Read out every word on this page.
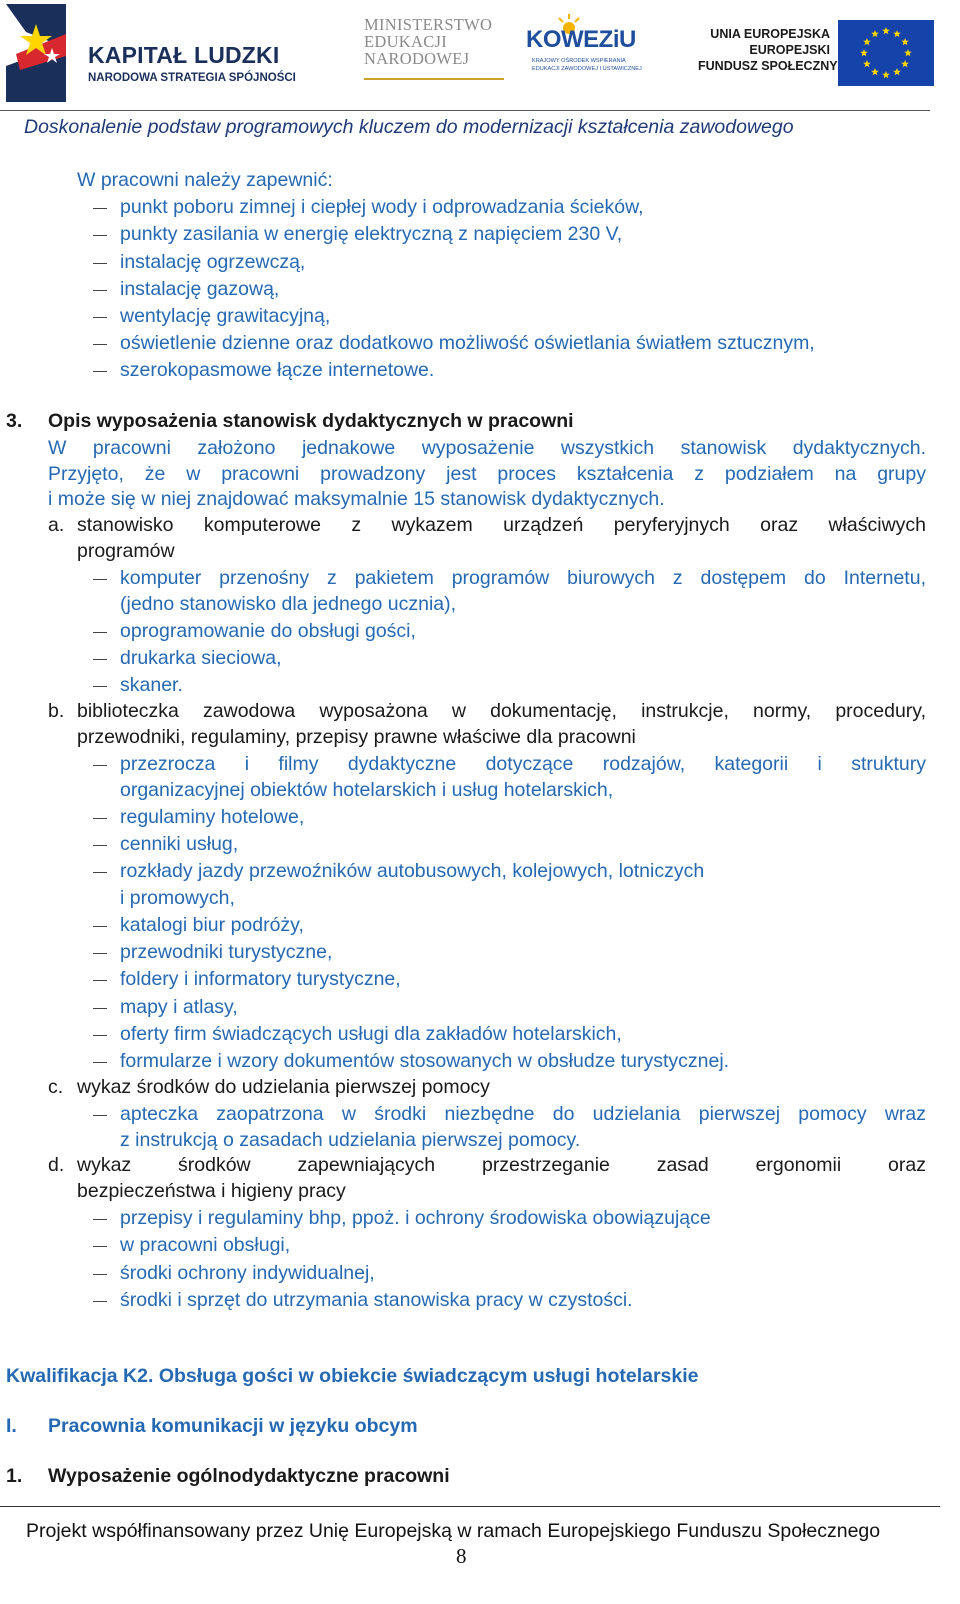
KAPITAŁ LUDZKI
NARODOWA STRATEGIA SPÓJNOŚCI
MINISTERSTWO
EDUKACJI
NARODOWEJ
KOWEZiU
KRAJOWY OŚRODEK WSPIERANIA
EDUKACJI ZAWODOWEJ I USTAWICZNEJ
UNIA EUROPEJSKA
EUROPEJSKI
FUNDUSZ SPOŁECZNY
Doskonalenie podstaw programowych kluczem do modernizacji kształcenia zawodowego
W pracowni należy zapewnić:
punkt poboru zimnej i ciepłej wody i odprowadzania ścieków,
punkty zasilania w energię elektryczną z napięciem 230 V,
instalację ogrzewczą,
instalację gazową,
wentylację grawitacyjną,
oświetlenie dzienne oraz dodatkowo możliwość oświetlania światłem sztucznym,
szerokopasmowe łącze internetowe.
3. Opis wyposażenia stanowisk dydaktycznych w pracowni
W pracowni założono jednakowe wyposażenie wszystkich stanowisk dydaktycznych.
Przyjęto, że w pracowni prowadzony jest proces kształcenia z podziałem na grupy
i może się w niej znajdować maksymalnie 15 stanowisk dydaktycznych.
a. stanowisko komputerowe z wykazem urządzeń peryferyjnych oraz właściwych
programów
komputer przenośny z pakietem programów biurowych z dostępem do Internetu,
(jedno stanowisko dla jednego ucznia),
oprogramowanie do obsługi gości,
drukarka sieciowa,
skaner.
b. biblioteczka zawodowa wyposażona w dokumentację, instrukcje, normy, procedury,
przewodniki, regulaminy, przepisy prawne właściwe dla pracowni
przezrocza i filmy dydaktyczne dotyczące rodzajów, kategorii i struktury
organizacyjnej obiektów hotelarskich i usług hotelarskich,
regulaminy hotelowe,
cenniki usług,
rozkłady jazdy przewoźników autobusowych, kolejowych, lotniczych
i promowych,
katalogi biur podróży,
przewodniki turystyczne,
foldery i informatory turystyczne,
mapy i atlasy,
oferty firm świadczących usługi dla zakładów hotelarskich,
formularze i wzory dokumentów stosowanych w obsłudze turystycznej.
c. wykaz środków do udzielania pierwszej pomocy
apteczka zaopatrzona w środki niezbędne do udzielania pierwszej pomocy wraz
z instrukcją o zasadach udzielania pierwszej pomocy.
d. wykaz środków zapewniających przestrzeganie zasad ergonomii oraz
bezpieczeństwa i higieny pracy
przepisy i regulaminy bhp, ppoż. i ochrony środowiska obowiązujące
w pracowni obsługi,
środki ochrony indywidualnej,
środki i sprzęt do utrzymania stanowiska pracy w czystości.
Kwalifikacja K2. Obsługa gości w obiekcie świadczącym usługi hotelarskie
I. Pracownia komunikacji w języku obcym
1. Wyposażenie ogólnodydaktyczne pracowni
Projekt współfinansowany przez Unię Europejską w ramach Europejskiego Funduszu Społecznego
8
